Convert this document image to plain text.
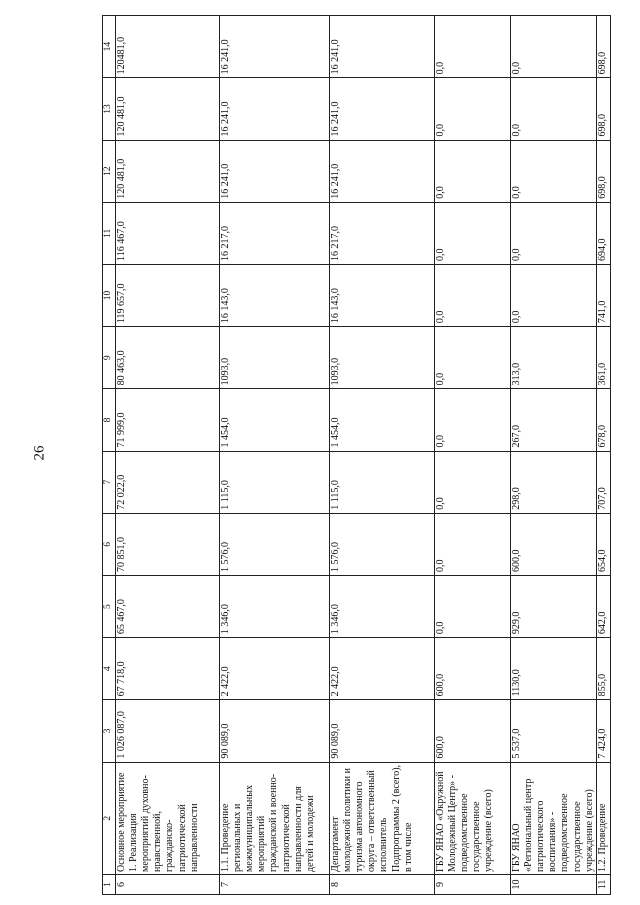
26
1	2	3	4	5	6	7	8	9	10	11	12	13	14
6	Основное мероприятие 1. Реализация мероприятий духовно-нравственной, гражданско-патриотической направленности	1 026 087,0	67 718,0	65 467,0	70 851,0	72 022,0	71 999,0	80 463,0	119 657,0	116 467,0	120 481,0	120 481,0	120481,0
7	1.1. Проведение региональных и межмуниципальных мероприятий гражданской и военно-патриотической направленности для детей и молодежи	90 089,0	2 422,0	1 346,0	1 576,0	1 115,0	1 454,0	1093,0	16 143,0	16 217,0	16 241,0	16 241,0	16 241,0
8	Департамент молодежной политики и туризма автономного округа – ответственный исполнитель Подпрограммы 2 (всего), в том числе	90 089,0	2 422,0	1 346,0	1 576,0	1 115,0	1 454,0	1093,0	16 143,0	16 217,0	16 241,0	16 241,0	16 241,0
9	ГБУ ЯНАО «Окружной Молодежный Центр» - подведомственное государственное учреждение (всего)	600,0	600,0	0,0	0,0	0,0	0,0	0,0	0,0	0,0	0,0	0,0	0,0
10	ГБУ ЯНАО «Региональный центр патриотического воспитания» - подведомственное государственное учреждение (всего)	5 537,0	1130,0	929,0	600,0	298,0	267,0	313,0	0,0	0,0	0,0	0,0	0,0
11	1.2. Проведение	7 424,0	855,0	642,0	654,0	707,0	678,0	361,0	741,0	694,0	698,0	698,0	698,0
